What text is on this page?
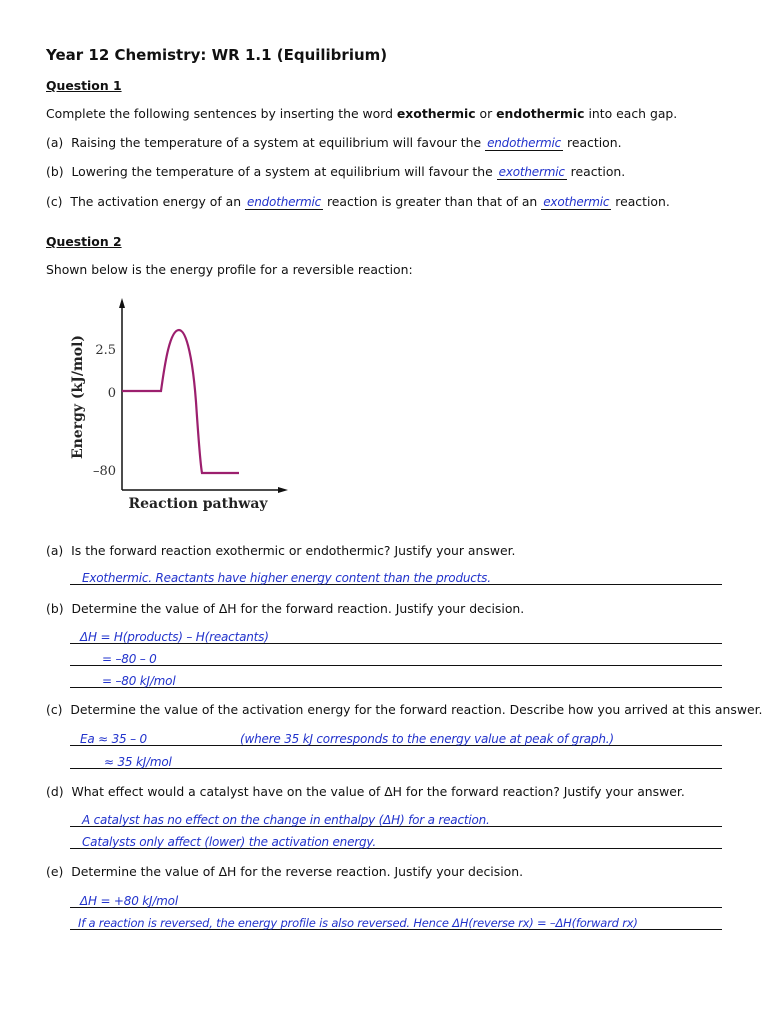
Year 12 Chemistry: WR 1.1 (Equilibrium)
Question 1
Complete the following sentences by inserting the word exothermic or endothermic into each gap.
(a) Raising the temperature of a system at equilibrium will favour the endothermic reaction.
(b) Lowering the temperature of a system at equilibrium will favour the exothermic reaction.
(c) The activation energy of an endothermic reaction is greater than that of an exothermic reaction.
Question 2
Shown below is the energy profile for a reversible reaction:
2.5
0
–80
Energy (kJ/mol)
Reaction pathway
(a) Is the forward reaction exothermic or endothermic? Justify your answer.
Exothermic. Reactants have higher energy content than the products.
(b) Determine the value of ΔH for the forward reaction. Justify your decision.
ΔH = H(products) – H(reactants)
= –80 – 0
= –80 kJ/mol
(c) Determine the value of the activation energy for the forward reaction. Describe how you arrived at this answer.
Ea ≈ 35 – 0	(where 35 kJ corresponds to the energy value at peak of graph.)
≈ 35 kJ/mol
(d) What effect would a catalyst have on the value of ΔH for the forward reaction? Justify your answer.
A catalyst has no effect on the change in enthalpy (ΔH) for a reaction.
Catalysts only affect (lower) the activation energy.
(e) Determine the value of ΔH for the reverse reaction. Justify your decision.
ΔH = +80 kJ/mol
If a reaction is reversed, the energy profile is also reversed. Hence ΔH(reverse rx) = –ΔH(forward rx)
